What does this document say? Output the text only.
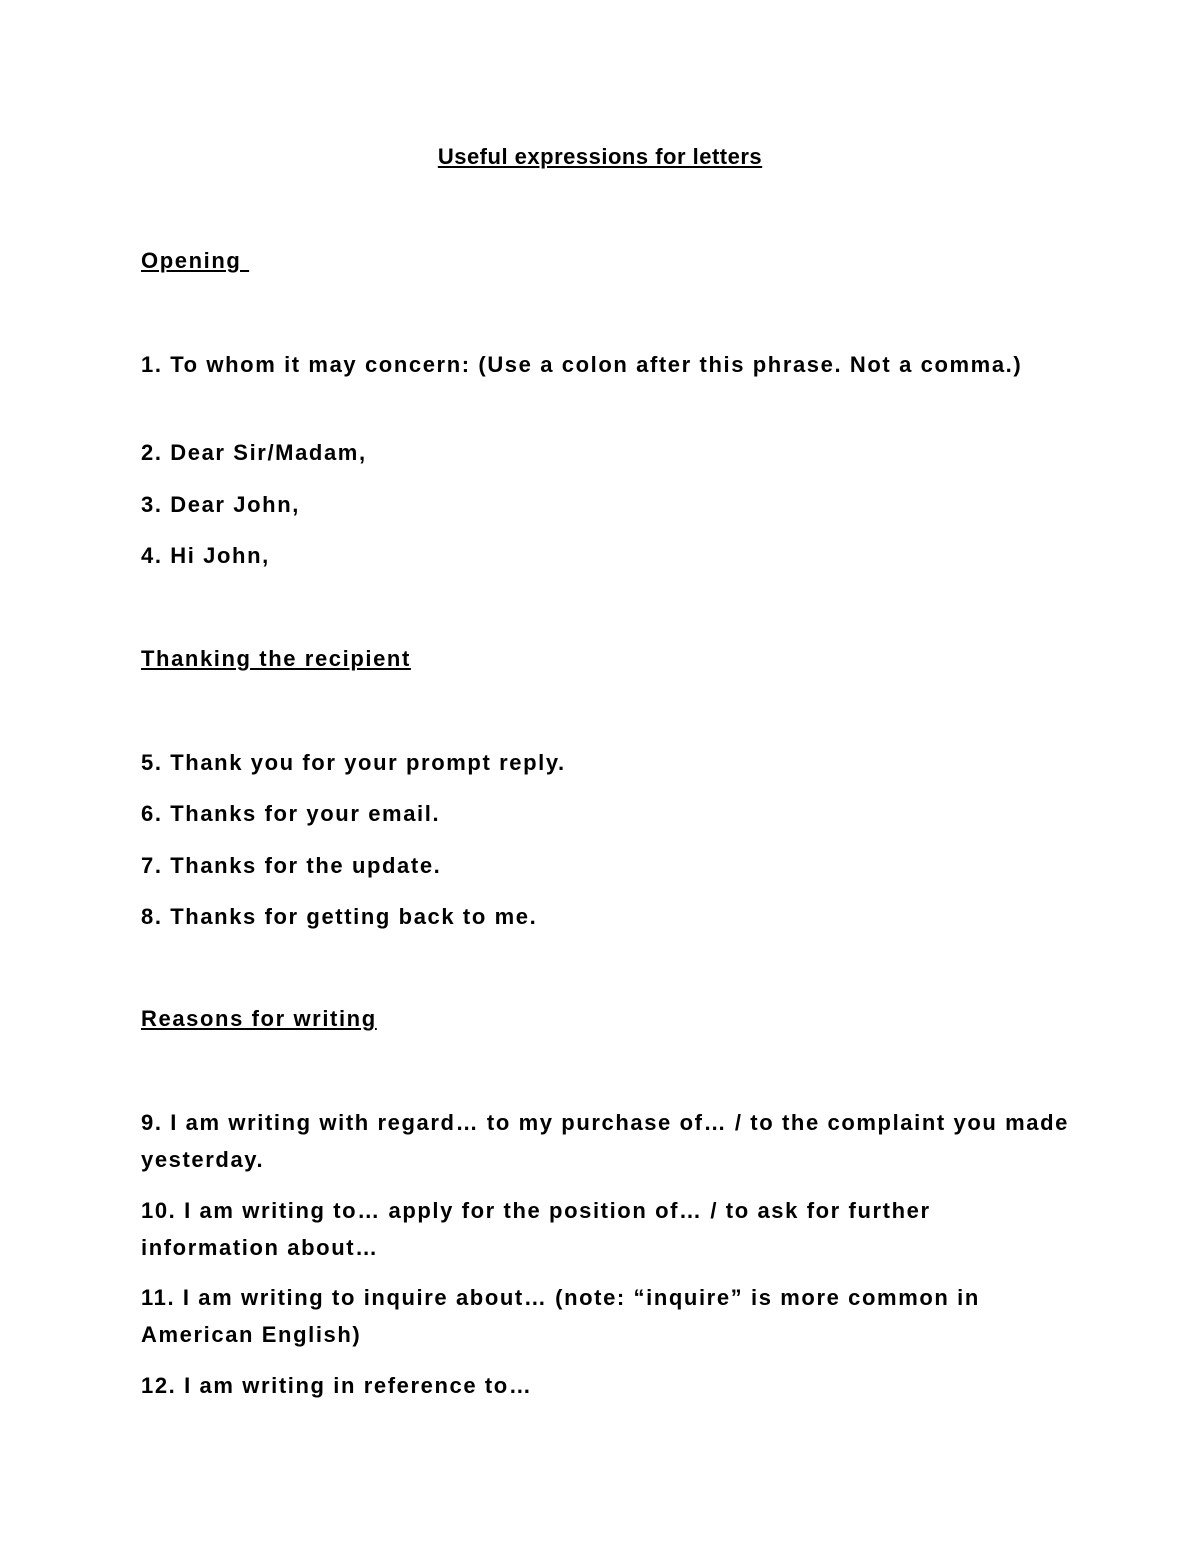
Useful expressions for letters
Opening

1. To whom it may concern: (Use a colon after this phrase. Not a comma.)

2. Dear Sir/Madam,

3. Dear John,

4. Hi John,

Thanking the recipient

5. Thank you for your prompt reply.

6. Thanks for your email.

7. Thanks for the update.

8. Thanks for getting back to me.

Reasons for writing

9. I am writing with regard… to my purchase of… / to the complaint you made yesterday.

10. I am writing to… apply for the position of… / to ask for further information about…

11. I am writing to inquire about… (note: “inquire” is more common in American English)

12. I am writing in reference to…
